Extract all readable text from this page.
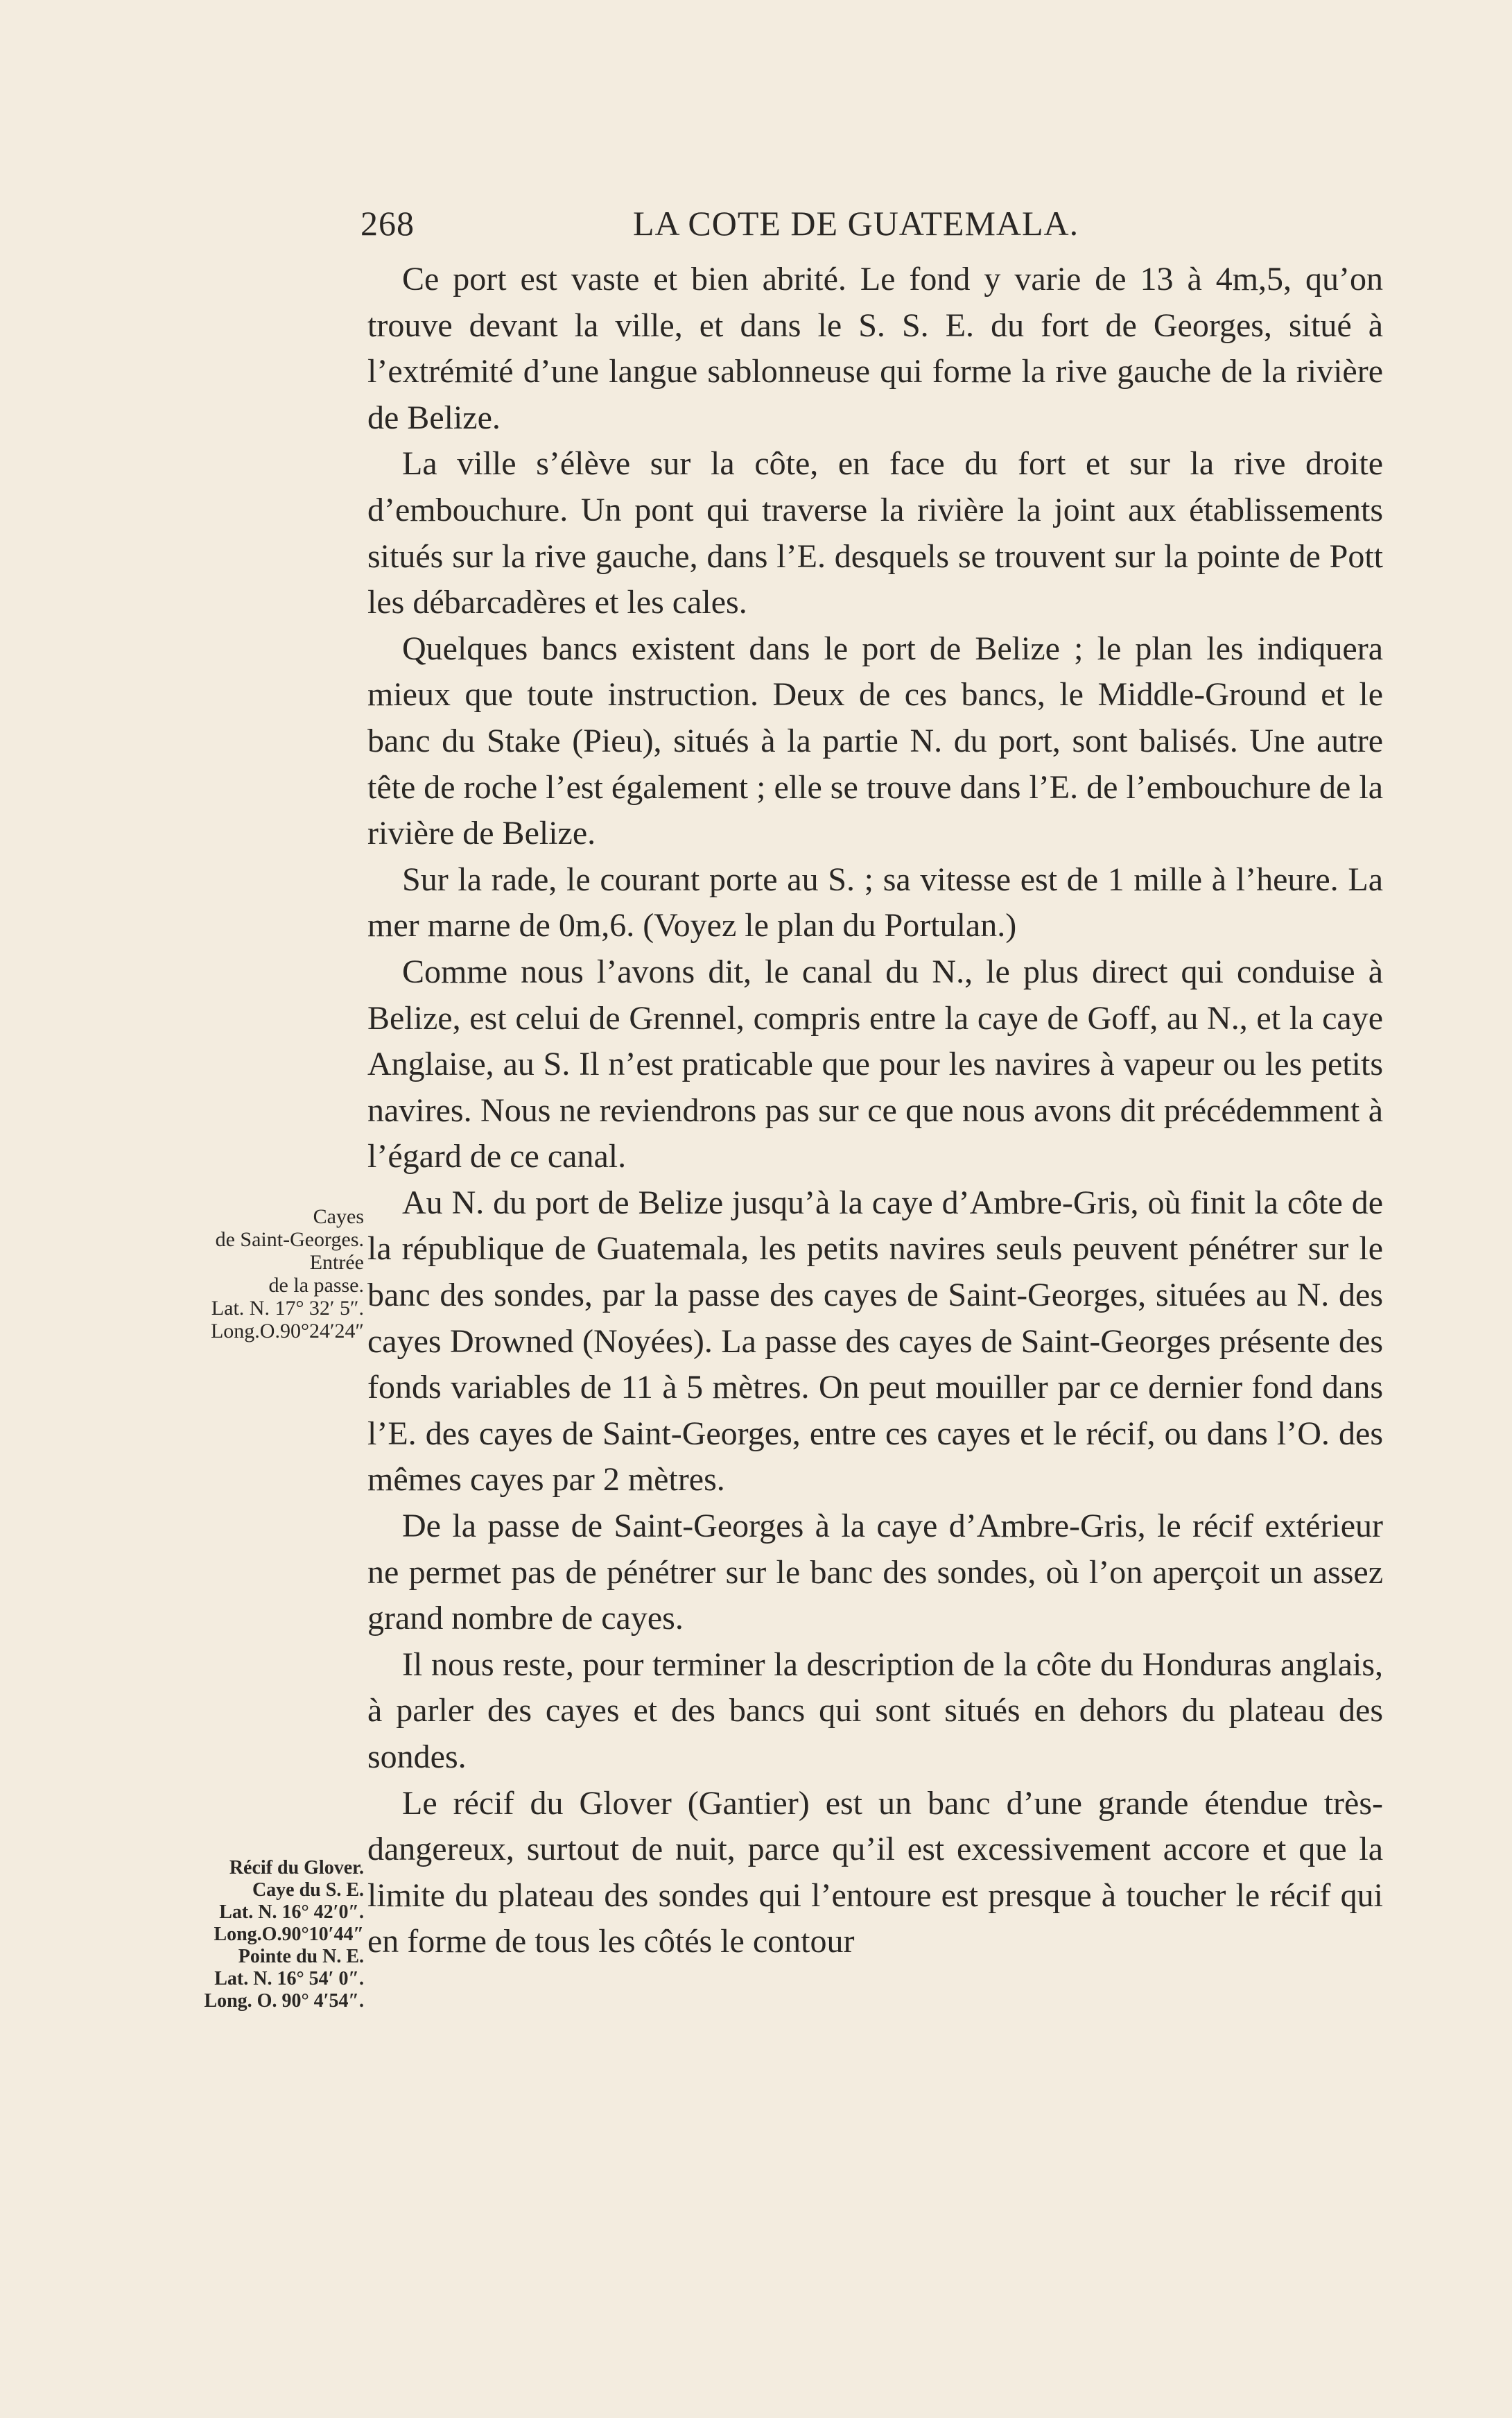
268	LA COTE DE GUATEMALA.

Ce port est vaste et bien abrité. Le fond y varie de 13 à 4m,5, qu’on trouve devant la ville, et dans le S. S. E. du fort de Georges, situé à l’extrémité d’une langue sablonneuse qui forme la rive gauche de la rivière de Belize.

La ville s’élève sur la côte, en face du fort et sur la rive droite d’embouchure. Un pont qui traverse la rivière la joint aux établissements situés sur la rive gauche, dans l’E. desquels se trouvent sur la pointe de Pott les débarcadères et les cales.

Quelques bancs existent dans le port de Belize ; le plan les indiquera mieux que toute instruction. Deux de ces bancs, le Middle-Ground et le banc du Stake (Pieu), situés à la partie N. du port, sont balisés. Une autre tête de roche l’est également ; elle se trouve dans l’E. de l’embouchure de la rivière de Belize.

Sur la rade, le courant porte au S. ; sa vitesse est de 1 mille à l’heure. La mer marne de 0m,6. (Voyez le plan du Portulan.)

Comme nous l’avons dit, le canal du N., le plus direct qui conduise à Belize, est celui de Grennel, compris entre la caye de Goff, au N., et la caye Anglaise, au S. Il n’est praticable que pour les navires à vapeur ou les petits navires. Nous ne reviendrons pas sur ce que nous avons dit précédemment à l’égard de ce canal.

Au N. du port de Belize jusqu’à la caye d’Ambre-Gris, où finit la côte de la république de Guatemala, les petits navires seuls peuvent pénétrer sur le banc des sondes, par la passe des cayes de Saint-Georges, situées au N. des cayes Drowned (Noyées). La passe des cayes de Saint-Georges présente des fonds variables de 11 à 5 mètres. On peut mouiller par ce dernier fond dans l’E. des cayes de Saint-Georges, entre ces cayes et le récif, ou dans l’O. des mêmes cayes par 2 mètres.

De la passe de Saint-Georges à la caye d’Ambre-Gris, le récif extérieur ne permet pas de pénétrer sur le banc des sondes, où l’on aperçoit un assez grand nombre de cayes.

Il nous reste, pour terminer la description de la côte du Honduras anglais, à parler des cayes et des bancs qui sont situés en dehors du plateau des sondes.

Le récif du Glover (Gantier) est un banc d’une grande étendue très-dangereux, surtout de nuit, parce qu’il est excessivement accore et que la limite du plateau des sondes qui l’entoure est presque à toucher le récif qui en forme de tous les côtés le contour

Cayes
de Saint-Georges.
Entrée
de la passe.
Lat. N. 17° 32′ 5″.
Long.O.90°24′24″
Récif du Glover.
Caye du S. E.
Lat. N. 16° 42′0″.
Long.O.90°10′44″
Pointe du N. E.
Lat. N. 16° 54′ 0″.
Long. O. 90° 4′54″.
